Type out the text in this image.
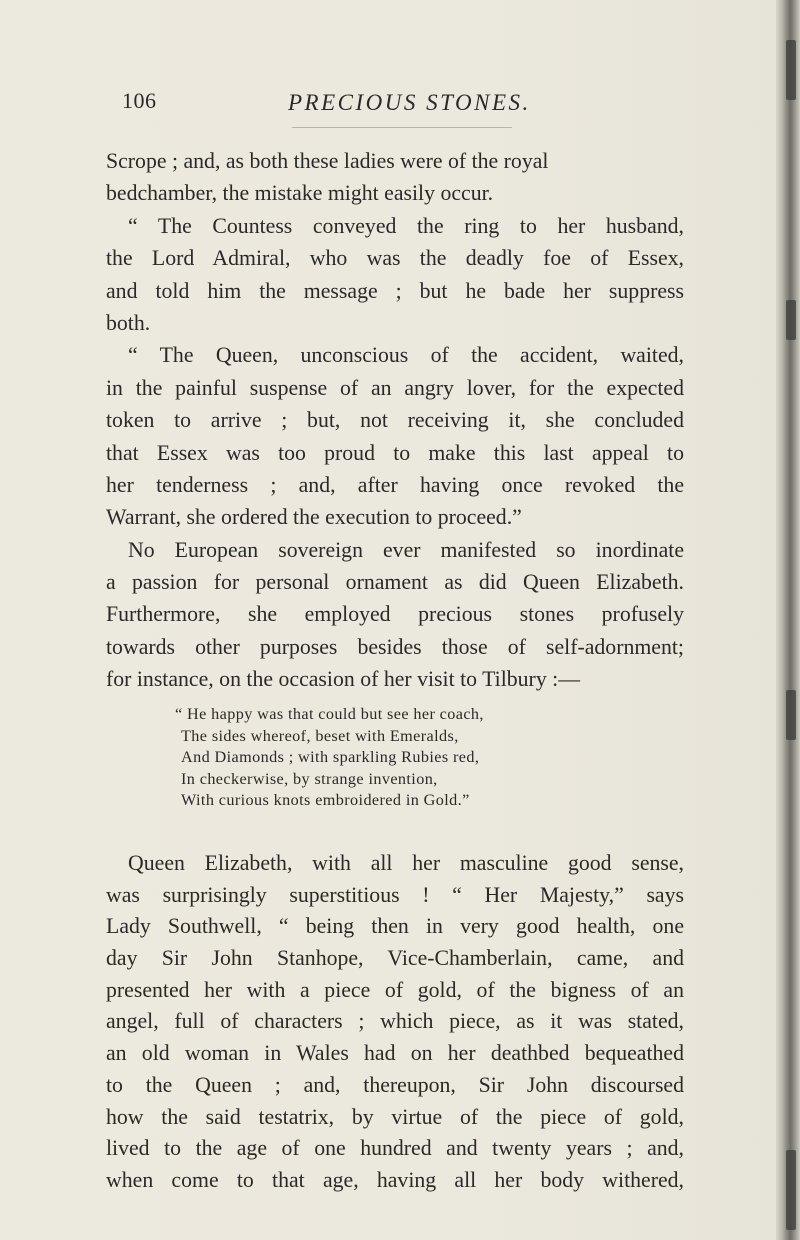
106	PRECIOUS STONES.
Scrope ; and, as both these ladies were of the royal
bedchamber, the mistake might easily occur.
“ The Countess conveyed the ring to her husband,
the Lord Admiral, who was the deadly foe of Essex,
and told him the message ; but he bade her suppress
both.
“ The Queen, unconscious of the accident, waited,
in the painful suspense of an angry lover, for the expected
token to arrive ; but, not receiving it, she concluded
that Essex was too proud to make this last appeal to
her tenderness ; and, after having once revoked the
Warrant, she ordered the execution to proceed.”
No European sovereign ever manifested so inordinate
a passion for personal ornament as did Queen Elizabeth.
Furthermore, she employed precious stones profusely
towards other purposes besides those of self-adornment;
for instance, on the occasion of her visit to Tilbury :—
“ He happy was that could but see her coach,
The sides whereof, beset with Emeralds,
And Diamonds ; with sparkling Rubies red,
In checkerwise, by strange invention,
With curious knots embroidered in Gold.”
Queen Elizabeth, with all her masculine good sense,
was surprisingly superstitious ! “ Her Majesty,” says
Lady Southwell, “ being then in very good health, one
day Sir John Stanhope, Vice-Chamberlain, came, and
presented her with a piece of gold, of the bigness of an
angel, full of characters ; which piece, as it was stated,
an old woman in Wales had on her deathbed bequeathed
to the Queen ; and, thereupon, Sir John discoursed
how the said testatrix, by virtue of the piece of gold,
lived to the age of one hundred and twenty years ; and,
when come to that age, having all her body withered,
